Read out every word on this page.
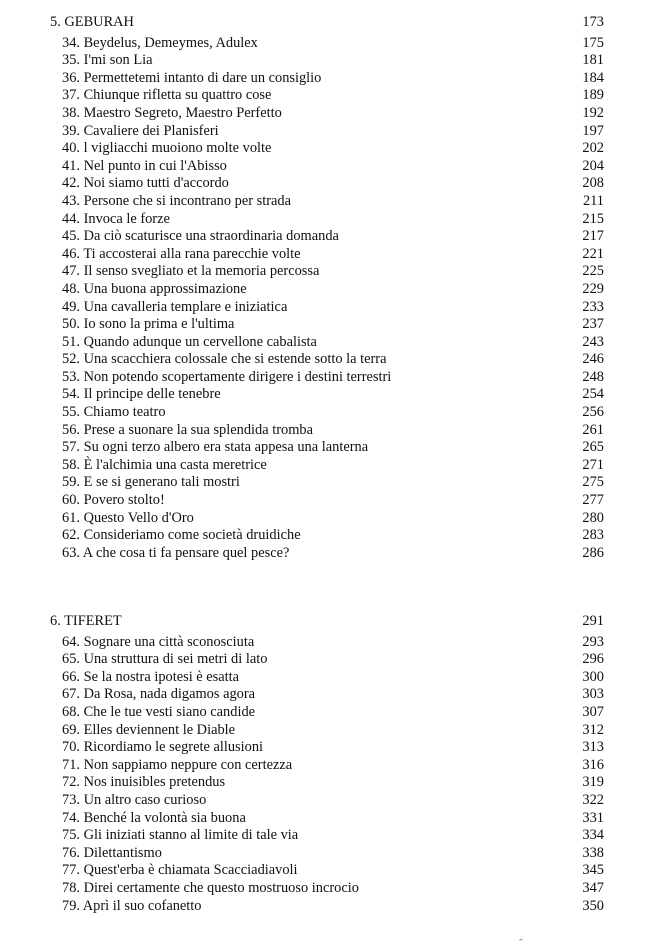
5. GEBURAH	173
34. Beydelus, Demeymes, Adulex	175
35. I'mi son Lia	181
36. Permettetemi intanto di dare un consiglio	184
37. Chiunque rifletta su quattro cose	189
38. Maestro Segreto, Maestro Perfetto	192
39. Cavaliere dei Planisferi	197
40. l vigliacchi muoiono molte volte	202
41. Nel punto in cui l'Abisso	204
42. Noi siamo tutti d'accordo	208
43. Persone che si incontrano per strada	211
44. Invoca le forze	215
45. Da ciò scaturisce una straordinaria domanda	217
46. Ti accosterai alla rana parecchie volte	221
47. Il senso svegliato et la memoria percossa	225
48. Una buona approssimazione	229
49. Una cavalleria templare e iniziatica	233
50. Io sono la prima e l'ultima	237
51. Quando adunque un cervellone cabalista	243
52. Una scacchiera colossale che si estende sotto la terra	246
53. Non potendo scopertamente dirigere i destini terrestri	248
54. Il principe delle tenebre	254
55. Chiamo teatro	256
56. Prese a suonare la sua splendida tromba	261
57. Su ogni terzo albero era stata appesa una lanterna	265
58. È l'alchimia una casta meretrice	271
59. E se si generano tali mostri	275
60. Povero stolto!	277
61. Questo Vello d'Oro	280
62. Consideriamo come società druidiche	283
63. A che cosa ti fa pensare quel pesce?	286
6. TIFERET	291
64. Sognare una città sconosciuta	293
65. Una struttura di sei metri di lato	296
66. Se la nostra ipotesi è esatta	300
67. Da Rosa, nada digamos agora	303
68. Che le tue vesti siano candide	307
69. Elles deviennent le Diable	312
70. Ricordiamo le segrete allusioni	313
71. Non sappiamo neppure con certezza	316
72. Nos inuisibles pretendus	319
73. Un altro caso curioso	322
74. Benché la volontà sia buona	331
75. Gli iniziati stanno al limite di tale via	334
76. Dilettantismo	338
77. Quest'erba è chiamata Scacciadiavoli	345
78. Direi certamente che questo mostruoso incrocio	347
79. Aprì il suo cofanetto	350
